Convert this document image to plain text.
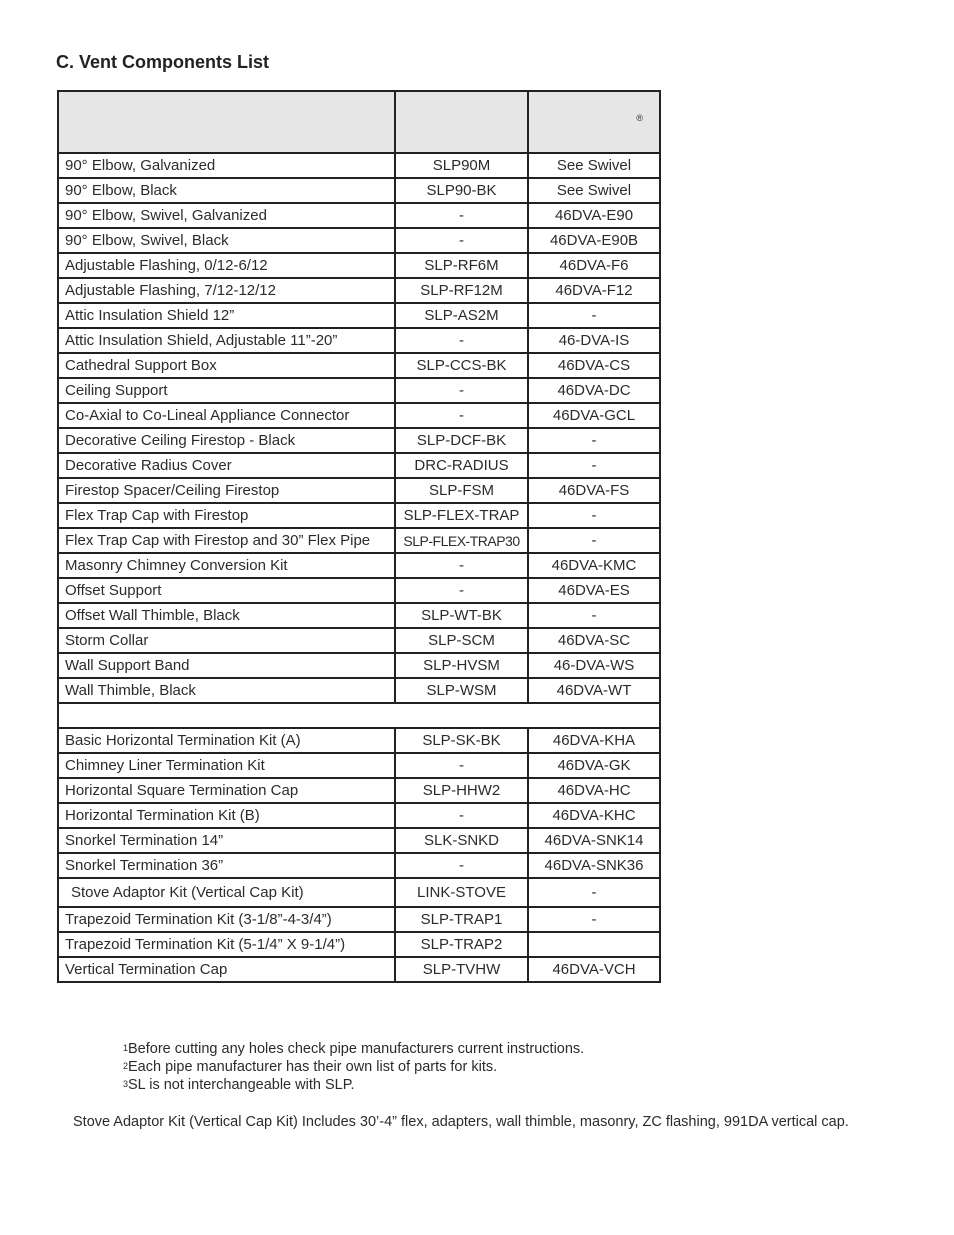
C. Vent Components List

		®

90° Elbow, Galvanized	SLP90M	See Swivel
90° Elbow, Black	SLP90-BK	See Swivel
90° Elbow, Swivel, Galvanized	-	46DVA-E90
90° Elbow, Swivel, Black	-	46DVA-E90B
Adjustable Flashing, 0/12-6/12	SLP-RF6M	46DVA-F6
Adjustable Flashing, 7/12-12/12	SLP-RF12M	46DVA-F12
Attic Insulation Shield 12”	SLP-AS2M	-
Attic Insulation Shield, Adjustable 11”-20”	-	46-DVA-IS
Cathedral Support Box	SLP-CCS-BK	46DVA-CS
Ceiling Support	-	46DVA-DC
Co-Axial to Co-Lineal Appliance Connector	-	46DVA-GCL
Decorative Ceiling Firestop - Black	SLP-DCF-BK	-
Decorative Radius Cover	DRC-RADIUS	-
Firestop Spacer/Ceiling Firestop	SLP-FSM	46DVA-FS
Flex Trap Cap with Firestop	SLP-FLEX-TRAP	-
Flex Trap Cap with Firestop and 30” Flex Pipe	SLP-FLEX-TRAP30	-
Masonry Chimney Conversion Kit	-	46DVA-KMC
Offset Support	-	46DVA-ES
Offset Wall Thimble, Black	SLP-WT-BK	-
Storm Collar	SLP-SCM	46DVA-SC
Wall Support Band	SLP-HVSM	46-DVA-WS
Wall Thimble, Black	SLP-WSM	46DVA-WT

Basic Horizontal Termination Kit (A)	SLP-SK-BK	46DVA-KHA
Chimney Liner Termination Kit	-	46DVA-GK
Horizontal Square Termination Cap	SLP-HHW2	46DVA-HC
Horizontal Termination Kit (B)	-	46DVA-KHC
Snorkel Termination 14”	SLK-SNKD	46DVA-SNK14
Snorkel Termination 36”	-	46DVA-SNK36
Stove Adaptor Kit (Vertical Cap Kit)	LINK-STOVE	-
Trapezoid Termination Kit (3-1/8”-4-3/4”)	SLP-TRAP1	-
Trapezoid Termination Kit (5-1/4” X 9-1/4”)	SLP-TRAP2	
Vertical Termination Cap	SLP-TVHW	46DVA-VCH
$^1$Before cutting any holes check pipe manufacturers current instructions.
$^2$Each pipe manufacturer has their own list of parts for kits.
$^3$SL is not interchangeable with SLP.
Stove Adaptor Kit (Vertical Cap Kit) Includes 30’-4” flex, adapters, wall thimble, masonry, ZC flashing, 991DA vertical cap.
